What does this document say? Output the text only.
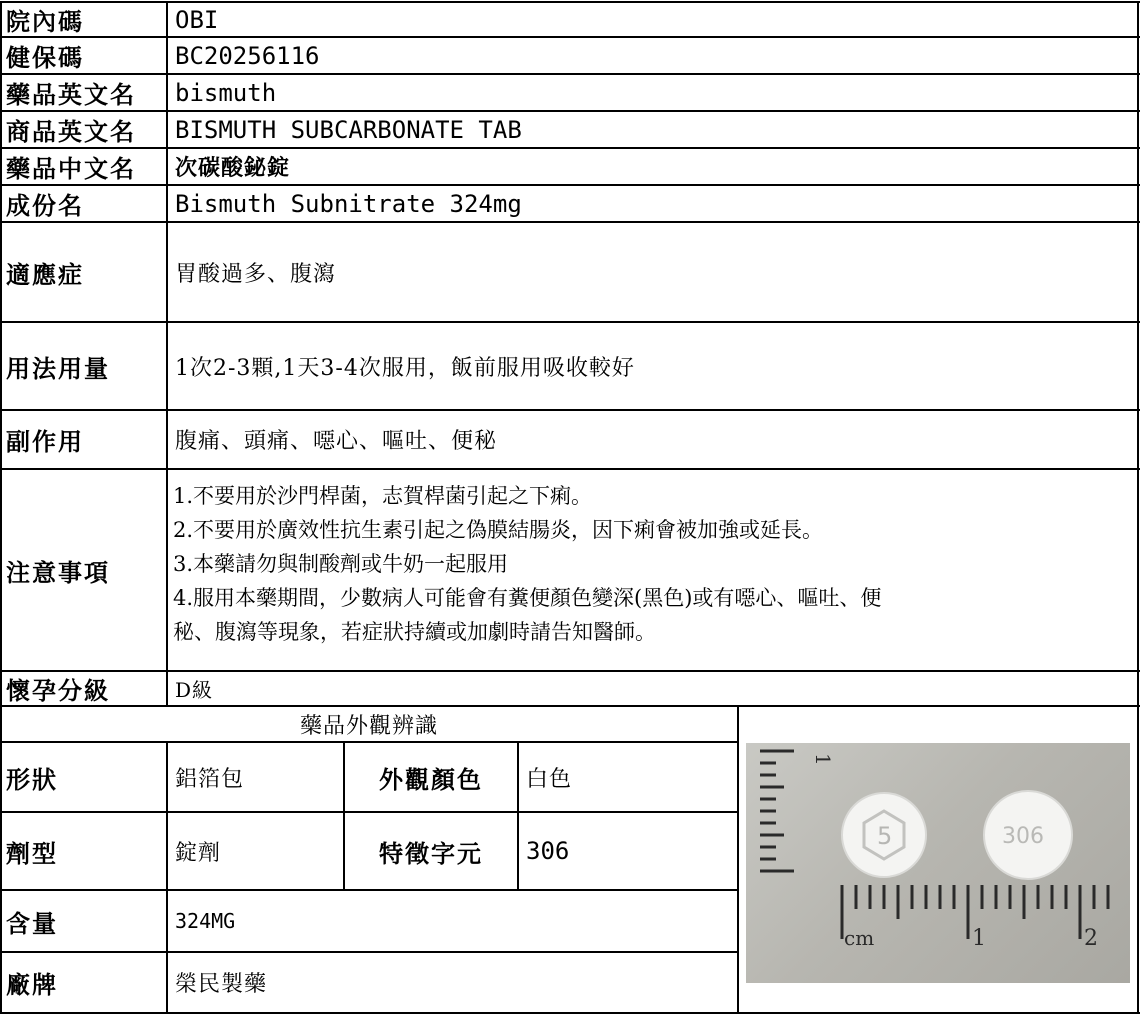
院內碼	OBI
健保碼	BC20256116
藥品英文名	bismuth
商品英文名	BISMUTH SUBCARBONATE TAB
藥品中文名	次碳酸鉍錠
成份名	Bismuth Subnitrate 324mg
適應症	胃酸過多、腹瀉
用法用量	1次2-3顆,1天3-4次服用，飯前服用吸收較好
副作用	腹痛、頭痛、噁心、嘔吐、便秘
注意事項
1.不要用於沙門桿菌，志賀桿菌引起之下痢。
2.不要用於廣效性抗生素引起之偽膜結腸炎，因下痢會被加強或延長。
3.本藥請勿與制酸劑或牛奶一起服用
4.服用本藥期間，少數病人可能會有糞便顏色變深(黑色)或有噁心、嘔吐、便
秘、腹瀉等現象，若症狀持續或加劇時請告知醫師。
懷孕分級	D級
藥品外觀辨識
形狀	鋁箔包	外觀顏色	白色
劑型	錠劑	特徵字元	306
含量	324MG
廠牌	榮民製藥
cm	1	2
1
5	306
